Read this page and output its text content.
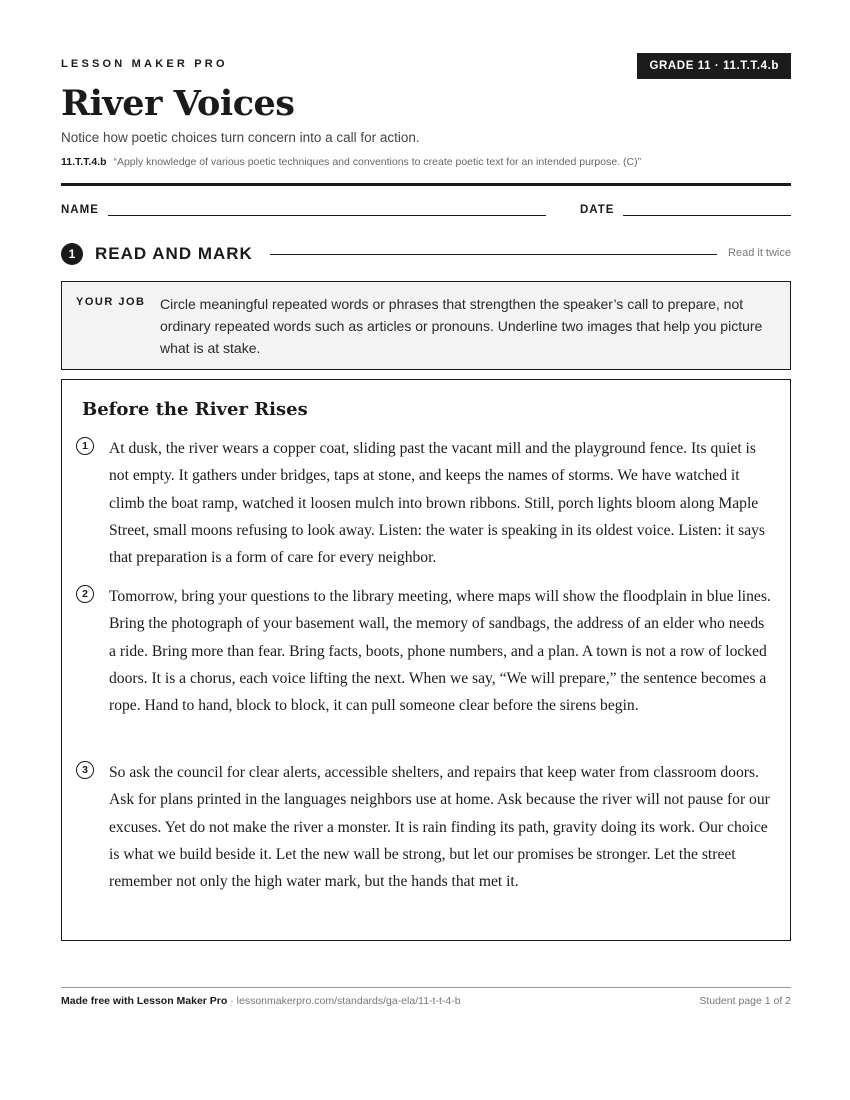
LESSON MAKER PRO	GRADE 11 · 11.T.T.4.b
River Voices
Notice how poetic choices turn concern into a call for action.
11.T.T.4.b “Apply knowledge of various poetic techniques and conventions to create poetic text for an intended purpose. (C)”
NAME	DATE
1	READ AND MARK	Read it twice
YOUR JOB Circle meaningful repeated words or phrases that strengthen the speaker’s call to prepare, not ordinary repeated words such as articles or pronouns. Underline two images that help you picture what is at stake.
Before the River Rises
1	At dusk, the river wears a copper coat, sliding past the vacant mill and the playground fence. Its quiet is not empty. It gathers under bridges, taps at stone, and keeps the names of storms. We have watched it climb the boat ramp, watched it loosen mulch into brown ribbons. Still, porch lights bloom along Maple Street, small moons refusing to look away. Listen: the water is speaking in its oldest voice. Listen: it says that preparation is a form of care for every neighbor.

2	Tomorrow, bring your questions to the library meeting, where maps will show the floodplain in blue lines. Bring the photograph of your basement wall, the memory of sandbags, the address of an elder who needs a ride. Bring more than fear. Bring facts, boots, phone numbers, and a plan. A town is not a row of locked doors. It is a chorus, each voice lifting the next. When we say, “We will prepare,” the sentence becomes a rope. Hand to hand, block to block, it can pull someone clear before the sirens begin.

3	So ask the council for clear alerts, accessible shelters, and repairs that keep water from classroom doors. Ask for plans printed in the languages neighbors use at home. Ask because the river will not pause for our excuses. Yet do not make the river a monster. It is rain finding its path, gravity doing its work. Our choice is what we build beside it. Let the new wall be strong, but let our promises be stronger. Let the street remember not only the high water mark, but the hands that met it.

Made free with Lesson Maker Pro · lessonmakerpro.com/standards/ga-ela/11-t-t-4-b	Student page 1 of 2
